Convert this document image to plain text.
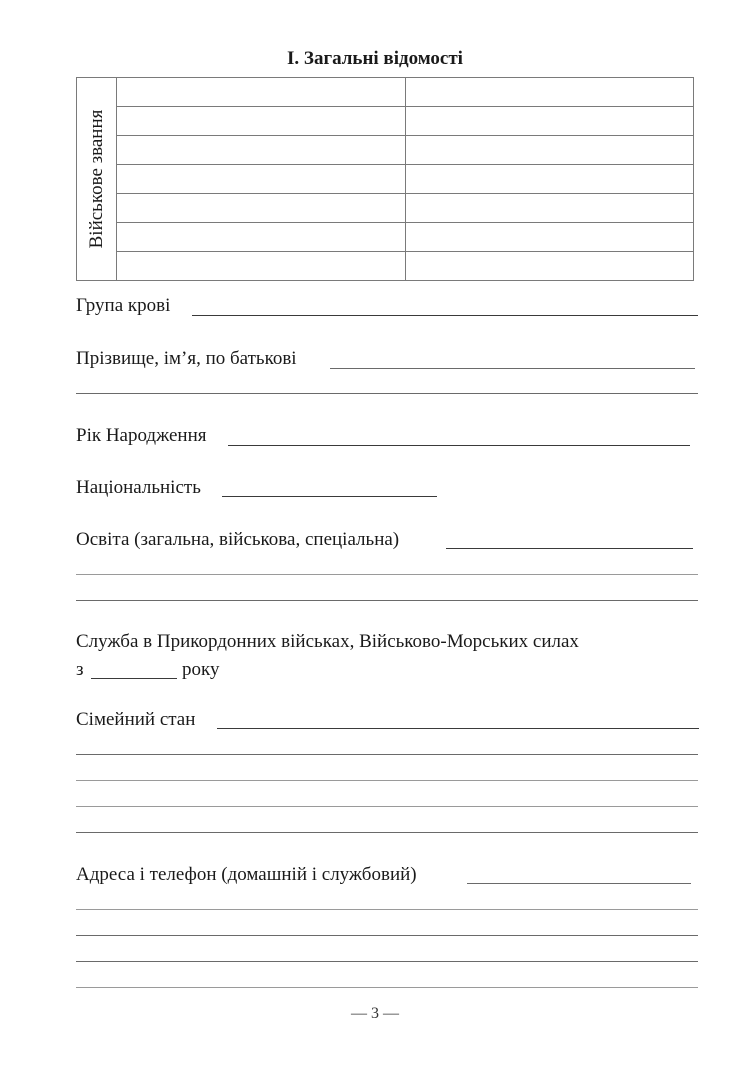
I. Загальні відомості
Військове звання		

Група крові
Прізвище, ім’я, по батькові
Рік Народження
Національність
Освіта (загальна, військова, спеціальна)
Служба в Прикордонних військах, Військово-Морських силах
з	року
Сімейний стан
Адреса і телефон (домашній і службовий)
— 3 —
